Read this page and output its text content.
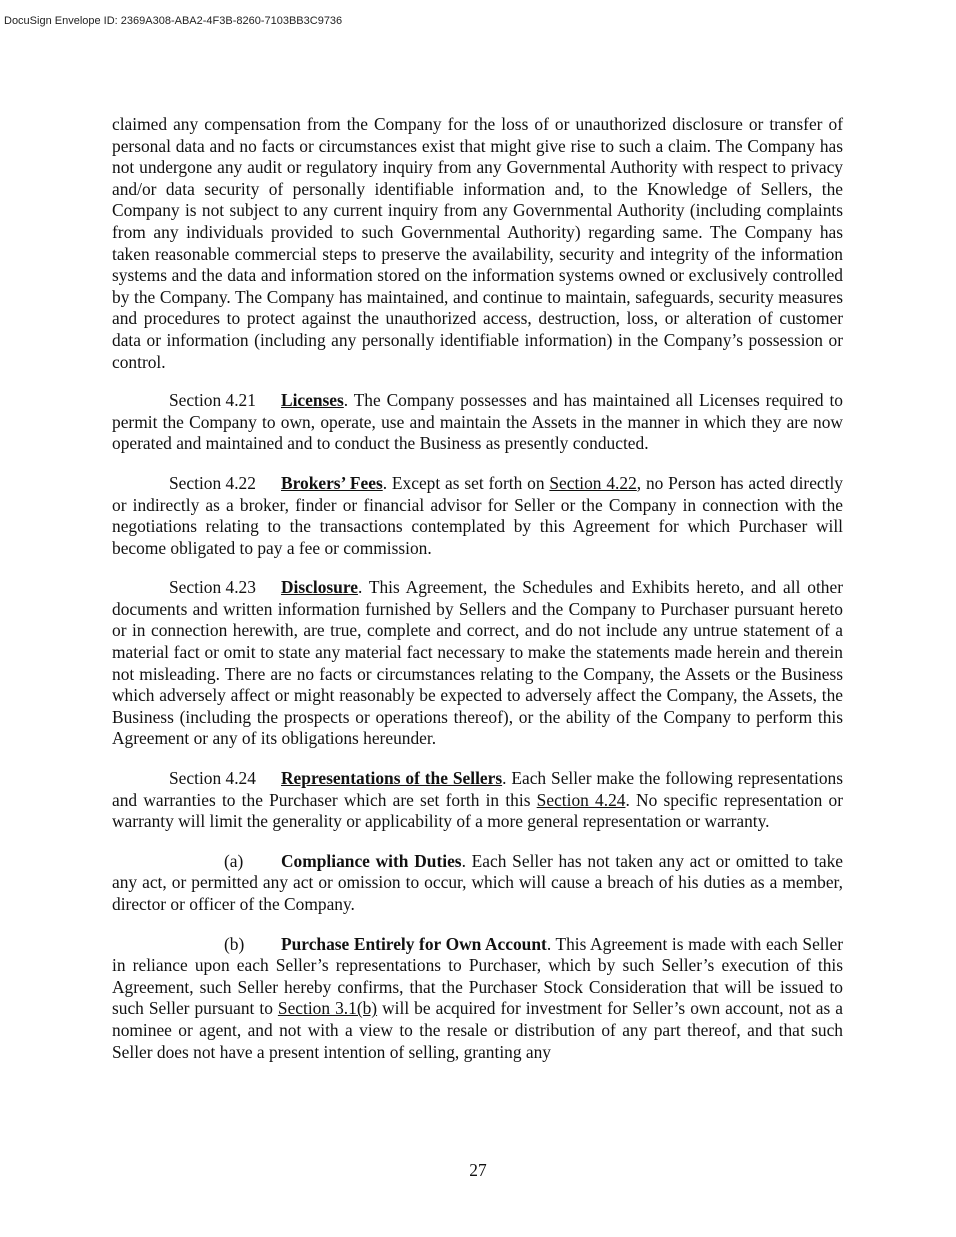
DocuSign Envelope ID: 2369A308-ABA2-4F3B-8260-7103BB3C9736

claimed any compensation from the Company for the loss of or unauthorized disclosure or transfer of personal data and no facts or circumstances exist that might give rise to such a claim. The Company has not undergone any audit or regulatory inquiry from any Governmental Authority with respect to privacy and/or data security of personally identifiable information and, to the Knowledge of Sellers, the Company is not subject to any current inquiry from any Governmental Authority (including complaints from any individuals provided to such Governmental Authority) regarding same. The Company has taken reasonable commercial steps to preserve the availability, security and integrity of the information systems and the data and information stored on the information systems owned or exclusively controlled by the Company. The Company has maintained, and continue to maintain, safeguards, security measures and procedures to protect against the unauthorized access, destruction, loss, or alteration of customer data or information (including any personally identifiable information) in the Company’s possession or control.

Section 4.21 Licenses. The Company possesses and has maintained all Licenses required to permit the Company to own, operate, use and maintain the Assets in the manner in which they are now operated and maintained and to conduct the Business as presently conducted.

Section 4.22 Brokers’ Fees. Except as set forth on Section 4.22, no Person has acted directly or indirectly as a broker, finder or financial advisor for Seller or the Company in connection with the negotiations relating to the transactions contemplated by this Agreement for which Purchaser will become obligated to pay a fee or commission.

Section 4.23 Disclosure. This Agreement, the Schedules and Exhibits hereto, and all other documents and written information furnished by Sellers and the Company to Purchaser pursuant hereto or in connection herewith, are true, complete and correct, and do not include any untrue statement of a material fact or omit to state any material fact necessary to make the statements made herein and therein not misleading. There are no facts or circumstances relating to the Company, the Assets or the Business which adversely affect or might reasonably be expected to adversely affect the Company, the Assets, the Business (including the prospects or operations thereof), or the ability of the Company to perform this Agreement or any of its obligations hereunder.

Section 4.24 Representations of the Sellers. Each Seller make the following representations and warranties to the Purchaser which are set forth in this Section 4.24. No specific representation or warranty will limit the generality or applicability of a more general representation or warranty.

(a) Compliance with Duties. Each Seller has not taken any act or omitted to take any act, or permitted any act or omission to occur, which will cause a breach of his duties as a member, director or officer of the Company.

(b) Purchase Entirely for Own Account. This Agreement is made with each Seller in reliance upon each Seller’s representations to Purchaser, which by such Seller’s execution of this Agreement, such Seller hereby confirms, that the Purchaser Stock Consideration that will be issued to such Seller pursuant to Section 3.1(b) will be acquired for investment for Seller’s own account, not as a nominee or agent, and not with a view to the resale or distribution of any part thereof, and that such Seller does not have a present intention of selling, granting any

27
